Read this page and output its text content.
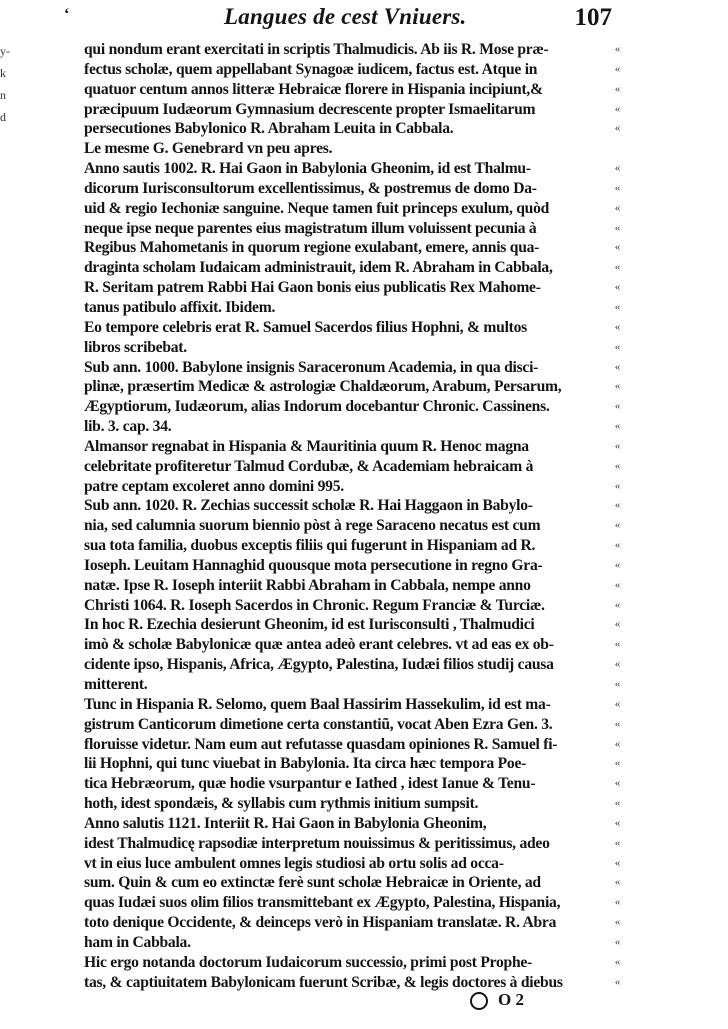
y-
k
n
d
‘	Langues de cest Vniuers.	107
qui nondum erant exercitati in scriptis Thalmudicis. Ab iis R. Mose præ-	«
fectus scholæ, quem appellabant Synagoæ iudicem, factus est. Atque in	«
quatuor centum annos litteræ Hebraicæ florere in Hispania incipiunt,&	«
præcipuum Iudæorum Gymnasium decrescente propter Ismaelitarum	«
persecutiones Babylonico R. Abraham Leuita in Cabbala.	«
Le mesme G. Genebrard vn peu apres.
Anno sautis 1002. R. Hai Gaon in Babylonia Gheonim, id est Thalmu-	«
dicorum Iurisconsultorum excellentissimus, & postremus de domo Da-	«
uid & regio Iechoniæ sanguine. Neque tamen fuit princeps exulum, quòd	«
neque ipse neque parentes eius magistratum illum voluissent pecunia à	«
Regibus Mahometanis in quorum regione exulabant, emere, annis qua-	«
draginta scholam Iudaicam administrauit, idem R. Abraham in Cabbala,	«
R. Seritam patrem Rabbi Hai Gaon bonis eius publicatis Rex Mahome-	«
tanus patibulo affixit. Ibidem.	«
Eo tempore celebris erat R. Samuel Sacerdos filius Hophni, & multos	«
libros scribebat.	«
Sub ann. 1000. Babylone insignis Saraceronum Academia, in qua disci-	«
plinæ, præsertim Medicæ & astrologiæ Chaldæorum, Arabum, Persarum,	«
Ægyptiorum, Iudæorum, alias Indorum docebantur Chronic. Cassinens.	«
lib. 3. cap. 34.	«
Almansor regnabat in Hispania & Mauritinia quum R. Henoc magna	«
celebritate profiteretur Talmud Cordubæ, & Academiam hebraicam à	«
patre ceptam excoleret anno domini 995.	«
Sub ann. 1020. R. Zechias successit scholæ R. Hai Haggaon in Babylo-	«
nia, sed calumnia suorum biennio pòst à rege Saraceno necatus est cum	«
sua tota familia, duobus exceptis filiis qui fugerunt in Hispaniam ad R.	«
Ioseph. Leuitam Hannaghid quousque mota persecutione in regno Gra-	«
natæ. Ipse R. Ioseph interiit Rabbi Abraham in Cabbala, nempe anno	«
Christi 1064. R. Ioseph Sacerdos in Chronic. Regum Franciæ & Turciæ.	«
In hoc R. Ezechia desierunt Gheonim, id est Iurisconsulti , Thalmudici	«
imò & scholæ Babylonicæ quæ antea adeò erant celebres. vt ad eas ex ob-	«
cidente ipso, Hispanis, Africa, Ægypto, Palestina, Iudæi filios studij causa	«
mitterent.	«
Tunc in Hispania R. Selomo, quem Baal Hassirim Hassekulim, id est ma-	«
gistrum Canticorum dimetione certa constantiũ, vocat Aben Ezra Gen. 3.	«
floruisse videtur. Nam eum aut refutasse quasdam opiniones R. Samuel fi-	«
lii Hophni, qui tunc viuebat in Babylonia. Ita circa hæc tempora Poe-	«
tica Hebræorum, quæ hodie vsurpantur e Iathed , idest Ianue & Tenu-	«
hoth, idest spondæis, & syllabis cum rythmis initium sumpsit.	«
Anno salutis 1121. Interiit R. Hai Gaon in Babylonia Gheonim,	«
idest Thalmudicę rapsodiæ interpretum nouissimus & peritissimus, adeo	«
vt in eius luce ambulent omnes legis studiosi ab ortu solis ad occa-	«
sum. Quin & cum eo extinctæ ferè sunt scholæ Hebraicæ in Oriente, ad	«
quas Iudæi suos olim filios transmittebant ex Ægypto, Palestina, Hispania,	«
toto denique Occidente, & deinceps verò in Hispaniam translatæ. R. Abra	«
ham in Cabbala.	«
Hic ergo notanda doctorum Iudaicorum successio, primi post Prophe-	«
tas, & captiuitatem Babylonicam fuerunt Scribæ, & legis doctores à diebus	«
O 2
